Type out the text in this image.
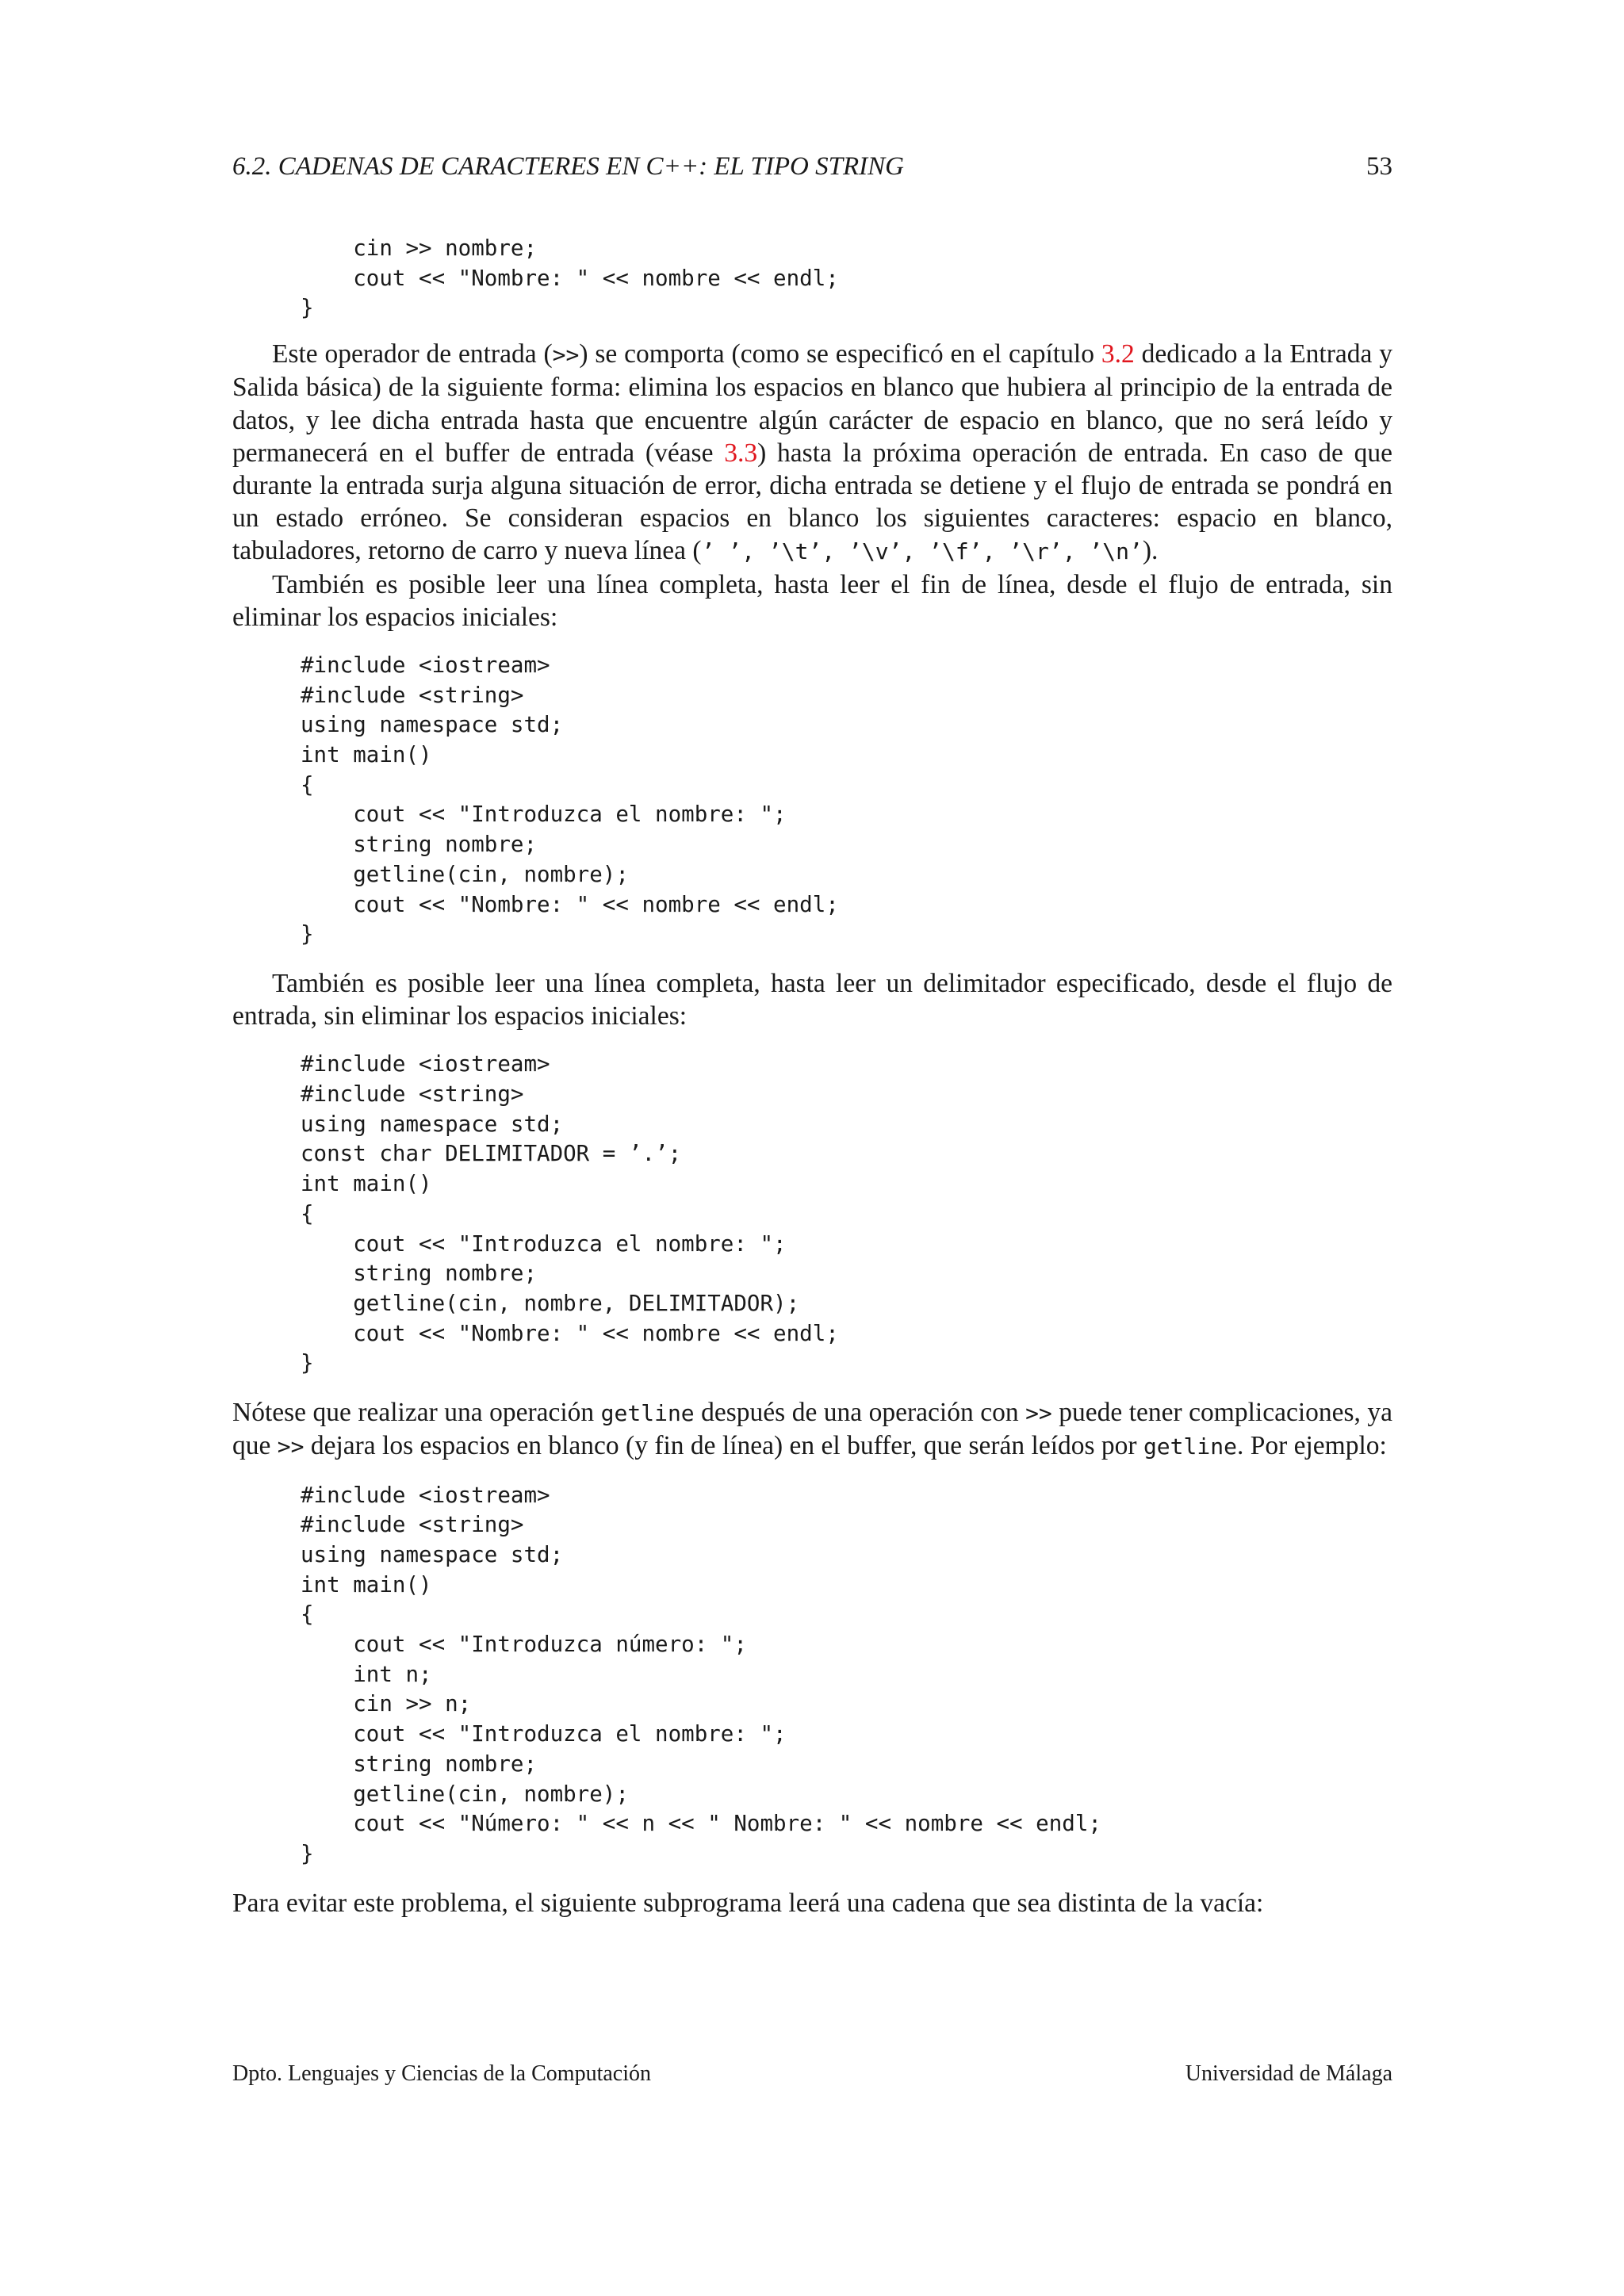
6.2. CADENAS DE CARACTERES EN C++: EL TIPO STRING	53
cin >> nombre;
cout << "Nombre: " << nombre << endl;
}

Este operador de entrada (>>) se comporta (como se especificó en el capítulo 3.2 dedicado a la Entrada y Salida básica) de la siguiente forma: elimina los espacios en blanco que hubiera al principio de la entrada de datos, y lee dicha entrada hasta que encuentre algún carácter de espacio en blanco, que no será leído y permanecerá en el buffer de entrada (véase 3.3) hasta la próxima operación de entrada. En caso de que durante la entrada surja alguna situación de error, dicha entrada se detiene y el flujo de entrada se pondrá en un estado erróneo. Se consideran espacios en blanco los siguientes caracteres: espacio en blanco, tabuladores, retorno de carro y nueva línea (’ ’, ’\t’, ’\v’, ’\f’, ’\r’, ’\n’).

También es posible leer una línea completa, hasta leer el fin de línea, desde el flujo de entrada, sin eliminar los espacios iniciales:

#include <iostream>
#include <string>
using namespace std;
int main()
{
cout << "Introduzca el nombre: ";
string nombre;
getline(cin, nombre);
cout << "Nombre: " << nombre << endl;
}

También es posible leer una línea completa, hasta leer un delimitador especificado, desde el flujo de entrada, sin eliminar los espacios iniciales:

#include <iostream>
#include <string>
using namespace std;
const char DELIMITADOR = ’.’;
int main()
{
cout << "Introduzca el nombre: ";
string nombre;
getline(cin, nombre, DELIMITADOR);
cout << "Nombre: " << nombre << endl;
}

Nótese que realizar una operación getline después de una operación con >> puede tener complicaciones, ya que >> dejara los espacios en blanco (y fin de línea) en el buffer, que serán leídos por getline. Por ejemplo:

#include <iostream>
#include <string>
using namespace std;
int main()
{
cout << "Introduzca número: ";
int n;
cin >> n;
cout << "Introduzca el nombre: ";
string nombre;
getline(cin, nombre);
cout << "Número: " << n << " Nombre: " << nombre << endl;
}

Para evitar este problema, el siguiente subprograma leerá una cadena que sea distinta de la vacía:

Dpto. Lenguajes y Ciencias de la Computación	Universidad de Málaga
